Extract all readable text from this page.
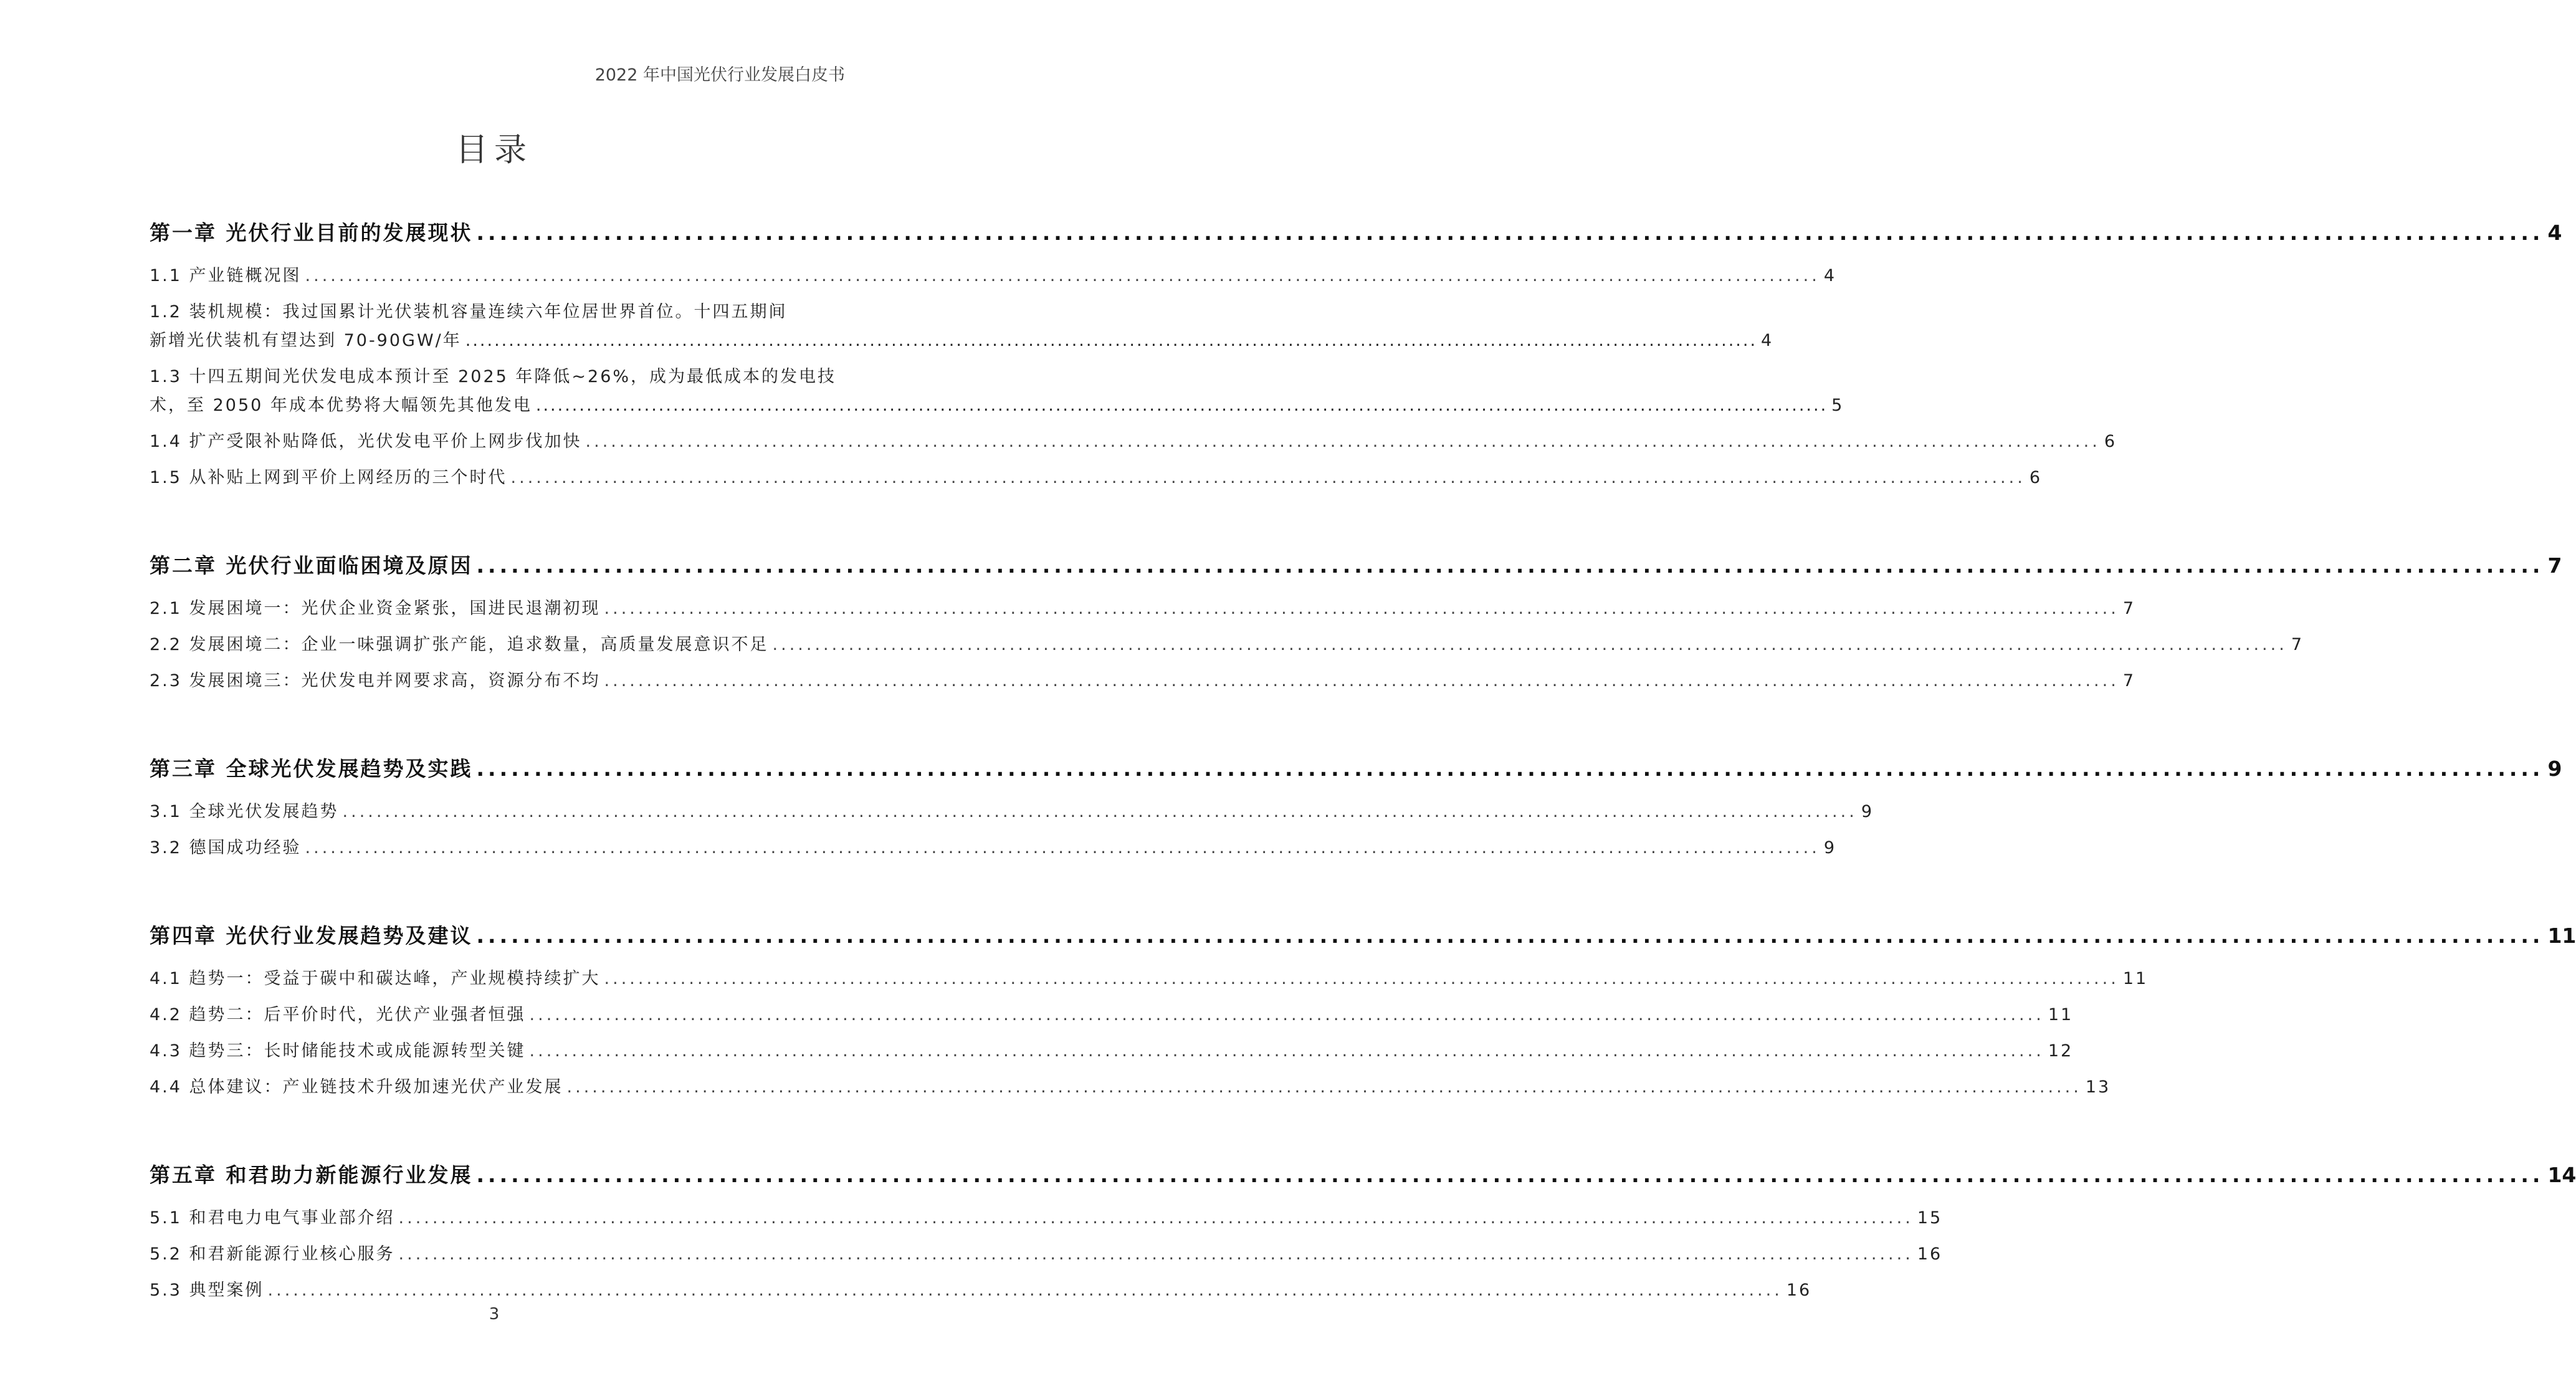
2022 年中国光伏行业发展白皮书
目录
第一章 光伏行业目前的发展现状 ................................................................................................................................................................................... 4
1.1 产业链概况图 ................................................................................................................................................................................... 4
1.2 装机规模：我过国累计光伏装机容量连续六年位居世界首位。十四五期间
新增光伏装机有望达到 70-90GW/年 ................................................................................................................................................................................... 4
1.3 十四五期间光伏发电成本预计至 2025 年降低~26%，成为最低成本的发电技
术，至 2050 年成本优势将大幅领先其他发电 ................................................................................................................................................................................... 5
1.4 扩产受限补贴降低，光伏发电平价上网步伐加快 ................................................................................................................................................................................... 6
1.5 从补贴上网到平价上网经历的三个时代 ................................................................................................................................................................................... 6
第二章 光伏行业面临困境及原因 ................................................................................................................................................................................... 7
2.1 发展困境一：光伏企业资金紧张，国进民退潮初现 ................................................................................................................................................................................... 7
2.2 发展困境二：企业一味强调扩张产能，追求数量，高质量发展意识不足 ................................................................................................................................................................................... 7
2.3 发展困境三：光伏发电并网要求高，资源分布不均 ................................................................................................................................................................................... 7
第三章 全球光伏发展趋势及实践 ................................................................................................................................................................................... 9
3.1 全球光伏发展趋势 ................................................................................................................................................................................... 9
3.2 德国成功经验 ................................................................................................................................................................................... 9
第四章 光伏行业发展趋势及建议 ................................................................................................................................................................................... 11
4.1 趋势一：受益于碳中和碳达峰，产业规模持续扩大 ................................................................................................................................................................................... 11
4.2 趋势二：后平价时代，光伏产业强者恒强 ................................................................................................................................................................................... 11
4.3 趋势三：长时储能技术或成能源转型关键 ................................................................................................................................................................................... 12
4.4 总体建议：产业链技术升级加速光伏产业发展 ................................................................................................................................................................................... 13
第五章 和君助力新能源行业发展 ................................................................................................................................................................................... 14
5.1 和君电力电气事业部介绍 ................................................................................................................................................................................... 15
5.2 和君新能源行业核心服务 ................................................................................................................................................................................... 16
5.3 典型案例 ................................................................................................................................................................................... 16
3
